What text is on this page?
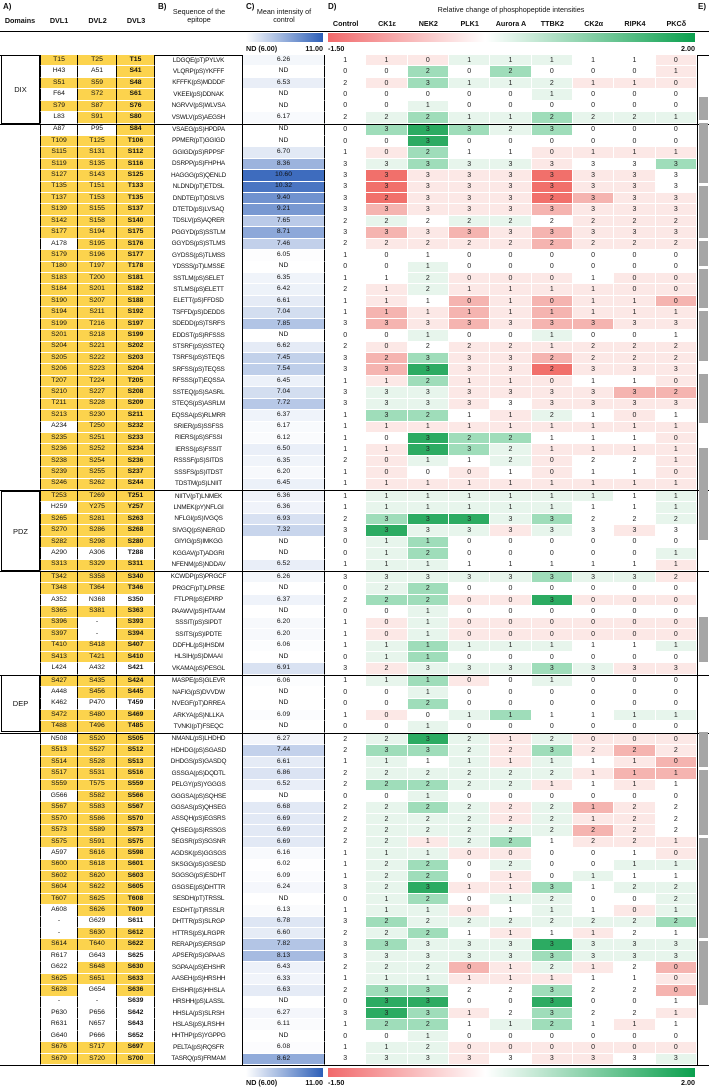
A)	B)	C)	D)	E)
Domains	DVL1	DVL2	DVL3
Sequence of the
epitope
Mean intensity of
control
Relative change of phosphopeptide intensities
Control	CK1ε	NEK2	PLK1	Aurora A	TTBK2	CK2α	RIPK4	PKCδ
ND (6.00)	11.00 -1.50	2.00
T15	T25	T15	LDGQE(pT)PYLVK	6.26	1	1	0	1	1	1	1	1	0
H43	A51	S41	VLQRP(pS)YKFFF	ND	0	0	2	0	2	0	0	0	1
S51	S59	S48	KFFFK(pS)MDDDF	6.53	2	0	3	1	1	2	1	1	0
F64	S72	S61	VKEEI(pS)DDNAK	ND	0	0	0	0	0	1	0	0	0
S79	S87	S76	NGRVV(pS)WLVSA	ND	0	0	1	0	0	0	0	0	0
L83	S91	S80	VSWLV(pS)AEGSH	6.17	2	2	2	1	1	2	2	2	1
A87	P95	S84	VSAEG(pS)HPDPA	ND	0	3	3	3	2	3	0	0	0
T109	T125	T106	PPMER(pT)GGIGD	ND	0	0	3	0	0	0	0	0	0
S115	S131	S112	GGIGD(pS)RPPSF	6.70	1	0	2	1	1	0	1	1	1
S119	S135	S116	DSRPP(pS)FHPHA	8.36	3	3	3	3	3	3	3	3	3
S127	S143	S125	HAGGG(pS)QENLD	10.60	3	3	3	3	3	3	3	3	3
T135	T151	T133	NLDND(pT)ETDSL	10.32	3	3	3	3	3	3	3	3	3
T137	T153	T135	DNDTE(pT)DSLVS	9.40	3	2	3	3	3	2	3	3	3
S139	S155	S137	DTETD(pS)LVSAQ	9.21	3	3	3	3	3	3	3	3	3
S142	S158	S140	TDSLV(pS)AQRER	7.65	2	2	2	2	2	2	2	2	2
S177	S194	S175	PGGYD(pS)SSTLM	8.71	3	3	3	3	3	3	3	3	3
A178	S195	S176	GGYDS(pS)STLMS	7.46	2	2	2	2	2	2	2	2	2
S179	S196	S177	GYDSS(pS)TLMSS	6.05	1	0	1	0	0	0	0	0	0
T180	T197	T178	YDSSS(pT)LMSSE	ND	0	0	1	0	0	0	0	0	0
S183	T200	S181	SSTLM(pS)SELET	6.35	1	1	2	0	0	0	1	0	0
S184	S201	S182	STLMS(pS)ELETT	6.42	2	1	2	1	1	1	1	0	0
S190	S207	S188	ELETT(pS)FFDSD	6.61	1	1	1	0	1	0	1	1	0
S194	S211	S192	TSFFD(pS)DEDDS	7.04	1	1	1	1	1	1	1	1	1
S199	T216	S197	SDEDD(pS)TSRFS	7.85	3	3	3	3	3	3	3	3	3
S201	S218	S199	EDDST(pS)RFSSS	ND	0	0	1	0	0	1	0	0	1
S204	S221	S202	STSRF(pS)SSTEQ	6.62	2	0	2	2	2	1	2	2	2
S205	S222	S203	TSRFS(pS)STEQS	7.45	3	2	3	3	3	2	2	2	2
S206	S223	S204	SRFSS(pS)TEQSS	7.54	3	3	3	3	3	2	3	3	3
T207	T224	T205	RFSSS(pT)EQSSA	6.45	1	1	2	1	1	0	1	1	0
S210	S227	S208	SSTEQ(pS)SASRL	7.04	3	3	3	3	3	3	3	3	2
T211	S228	S209	STEQS(pS)ASRLM	7.72	3	3	3	3	3	3	3	3	3
S213	S230	S211	EQSSA(pS)RLMRR	6.37	1	3	2	1	1	2	1	0	1
A234	T250	S232	SRIER(pS)SSFSS	6.17	1	1	1	1	1	1	1	1	1
S235	S251	S233	RIERS(pS)SFSSI	6.12	1	0	3	2	2	1	1	1	0
S236	S252	S234	IERSS(pS)FSSIT	6.50	1	1	3	3	2	1	1	1	1
S238	S254	S236	RSSSF(pS)SITDS	6.35	2	0	1	1	2	0	2	2	1
S239	S255	S237	SSSFS(pS)ITDST	6.20	1	0	0	0	1	0	1	1	0
S246	S262	S244	TDSTM(pS)LNIIT	6.45	1	1	1	1	1	1	1	1	1
T253	T269	T251	NIITV(pT)LNMEK	6.36	1	1	1	1	1	1	1	1	1
H259	Y275	Y257	LNMEK(pY)NFLGI	6.36	1	1	1	1	1	1	1	1	1
S265	S281	S263	NFLGI(pS)IVGQS	6.93	2	3	3	3	3	3	2	2	2
S270	S286	S268	SIVGQ(pS)NERGD	7.32	3	3	3	3	3	3	3	3	3
S282	S298	S280	GIYIG(pS)IMKGG	ND	0	1	1	0	0	0	0	0	0
A290	A306	T288	KGGAV(pT)ADGRI	ND	0	1	2	0	0	0	0	0	1
S313	S329	S311	NFENM(pS)NDDAV	6.52	1	1	1	1	1	1	1	1	1
T342	S358	S340	KCWDP(pS)PRGCF	6.26	3	3	3	3	3	3	3	3	2
T348	T364	T346	PRGCF(pT)LPRSE	ND	0	2	2	0	0	0	0	0	0
A352	N368	S350	FTLPR(pS)EPIRP	6.37	2	2	2	0	0	3	0	0	0
S365	S381	S363	PAAWV(pS)HTAAM	ND	0	0	1	0	0	0	0	0	0
S396	-	S393	SSSIT(pS)SIPDT	6.20	1	0	1	0	0	0	0	0	0
S397	-	S394	SSITS(pS)IPDTE	6.20	1	0	1	0	0	0	0	0	0
T410	S418	S407	DDFHL(pS)IHSDM	6.06	1	1	1	1	1	1	1	1	1
S413	T421	S410	HLSIH(pS)DMAAI	ND	0	1	1	0	0	0	0	0	0
L424	A432	S421	VKAMA(pS)PESGL	6.91	3	2	3	3	3	3	3	3	3
S427	S435	S424	MASPE(pS)GLEVR	6.06	1	1	1	0	0	1	0	0	0
A448	S456	S445	NAFIG(pS)DVVDW	ND	0	0	1	0	0	0	0	0	0
K462	P470	T459	NVEGF(pT)DRREA	ND	0	0	2	0	0	0	0	0	0
S472	S480	S469	ARKYA(pS)NLLKA	6.09	1	0	0	1	1	1	1	1	1
T488	T496	T485	TVNKI(pT)FSEQC	ND	0	0	1	0	0	0	0	0	0
N508	S520	S505	NMANL(pS)LHDHD	6.27	2	2	3	2	1	2	0	0	0
S513	S527	S512	HDHDG(pS)SGASD	7.44	2	3	3	2	2	3	2	2	2
S514	S528	S513	DHDGS(pS)GASDQ	6.61	1	1	1	1	1	1	1	1	0
S517	S531	S516	GSSGA(pS)DQDTL	6.86	2	2	2	2	2	2	1	1	1
S559	T575	S559	PELGY(pS)YGGGS	6.52	2	2	2	2	2	1	1	1	1
G566	S582	S566	GGGSA(pS)SQHSE	ND	0	0	1	0	0	0	0	0	0
S567	S583	S567	GGSAS(pS)QHSEG	6.68	2	2	2	2	2	2	1	2	2
S570	S586	S570	ASSQH(pS)EGSRS	6.69	2	2	2	2	2	2	1	2	2
S573	S589	S573	QHSEG(pS)RSSGS	6.69	2	2	2	2	2	2	2	2	2
S575	S591	S575	SEGSR(pS)SGSNR	6.69	2	2	1	2	2	1	2	2	1
A597	S616	S598	AGDSK(pS)GGSGS	6.16	1	1	1	0	0	0	0	1	0
S600	S618	S601	SKSGG(pS)GSESD	6.02	1	2	2	0	2	0	0	1	1
S602	S620	S603	SGGSG(pS)ESDHT	6.09	1	2	2	0	1	0	1	1	1
S604	S622	S605	GSGSE(pS)DHTTR	6.24	3	2	3	1	1	3	1	2	2
T607	S625	T608	SESDH(pT)TRSSL	ND	0	1	2	0	1	2	0	0	2
A608	S626	T609	ESDHT(pT)RSSLR	6.13	1	1	1	0	1	1	1	0	1
-	G629	S611	DHTTR(pS)SLRGP	6.78	3	2	2	2	2	2	2	2	2
-	S630	S612	HTTRS(pS)LRGPR	6.60	2	2	2	1	1	1	1	2	1
S614	T640	S622	RERAP(pS)ERSGP	7.82	3	3	3	3	3	3	3	3	3
R617	G643	S625	APSER(pS)GPAAS	8.13	3	3	3	3	3	3	3	3	3
G622	S648	S630	SGPAA(pS)EHSHR	6.43	2	2	2	0	1	2	1	2	0
S625	S651	S633	AASEH(pS)HRSHH	6.33	1	1	1	1	1	1	1	1	0
S628	G654	S636	EHSHR(pS)HHSLA	6.63	2	3	3	2	2	3	2	2	0
-	-	S639	HRSHH(pS)LASSL	ND	0	3	3	0	0	3	0	0	1
P630	P656	S642	HHSLA(pS)SLRSH	6.27	3	3	3	1	2	3	2	2	1
R631	N657	S643	HSLAS(pS)LRSHH	6.11	1	2	2	1	1	2	1	1	1
G640	P666	S652	HHTHP(pS)YGPPG	ND	0	0	1	0	0	0	0	0	0
S676	S717	S697	PELTA(pS)RQSFR	6.08	1	1	2	0	0	0	0	0	0
S679	S720	S700	TASRQ(pS)FRMAM	8.62	3	3	3	3	3	3	3	3	3
ND (6.00)	11.00 -1.50	2.00
DIX
PDZ
DEP
